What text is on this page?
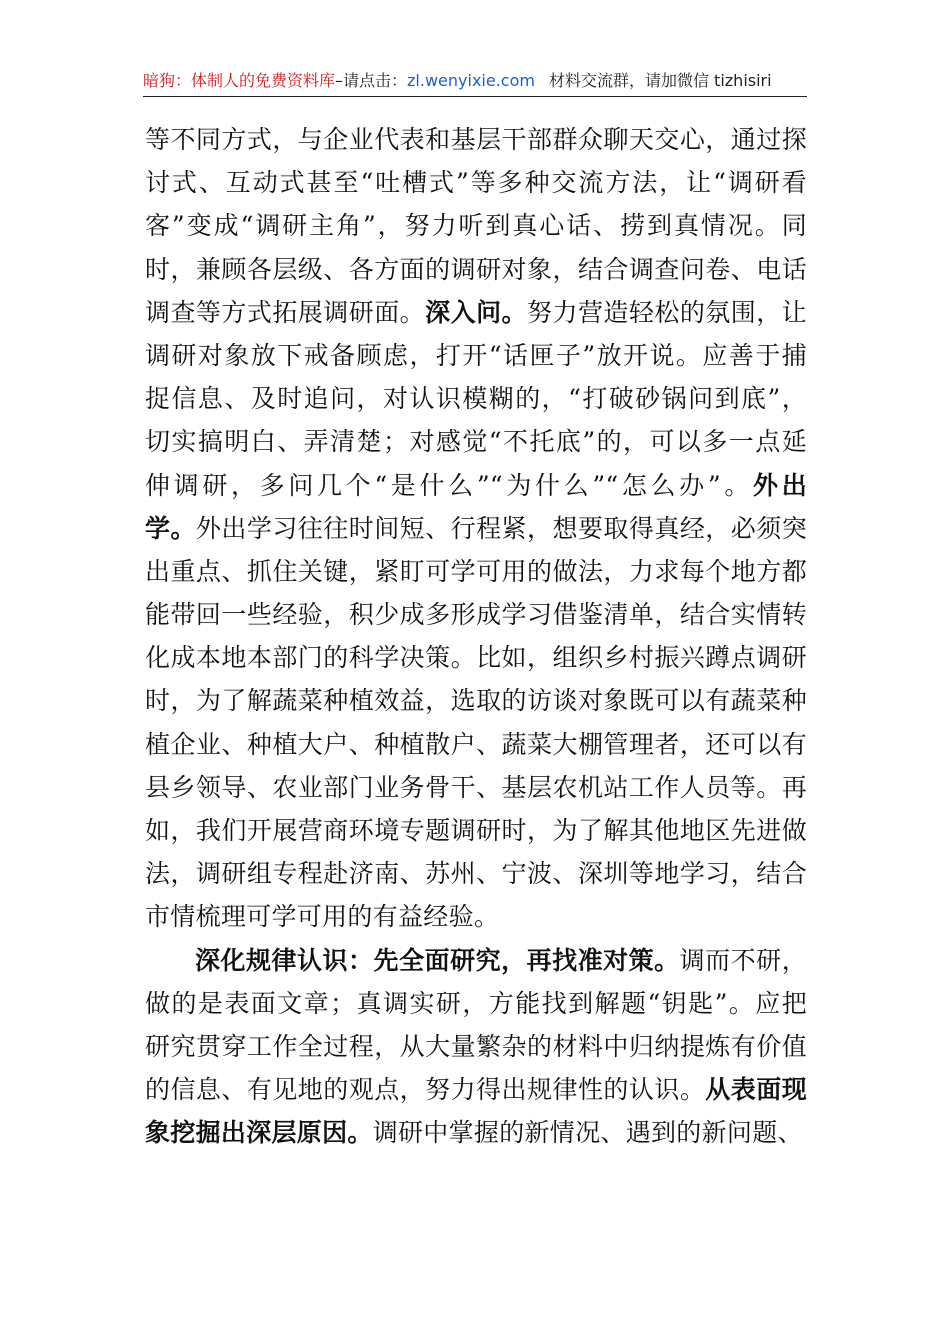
暗狗：体制人的免费资料库–请点击：zl.wenyixie.com 材料交流群，请加微信 tizhisiri
等不同方式，与企业代表和基层干部群众聊天交心，通过探
讨式、互动式甚至“吐槽式”等多种交流方法，让“调研看
客”变成“调研主角”，努力听到真心话、捞到真情况。同
时，兼顾各层级、各方面的调研对象，结合调查问卷、电话
调查等方式拓展调研面。深入问。努力营造轻松的氛围，让
调研对象放下戒备顾虑，打开“话匣子”放开说。应善于捕
捉信息、及时追问，对认识模糊的，“打破砂锅问到底”，
切实搞明白、弄清楚；对感觉“不托底”的，可以多一点延
伸调研，多问几个“是什么”“为什么”“怎么办”。外出
学。外出学习往往时间短、行程紧，想要取得真经，必须突
出重点、抓住关键，紧盯可学可用的做法，力求每个地方都
能带回一些经验，积少成多形成学习借鉴清单，结合实情转
化成本地本部门的科学决策。比如，组织乡村振兴蹲点调研
时，为了解蔬菜种植效益，选取的访谈对象既可以有蔬菜种
植企业、种植大户、种植散户、蔬菜大棚管理者，还可以有
县乡领导、农业部门业务骨干、基层农机站工作人员等。再
如，我们开展营商环境专题调研时，为了解其他地区先进做
法，调研组专程赴济南、苏州、宁波、深圳等地学习，结合
市情梳理可学可用的有益经验。
深化规律认识：先全面研究，再找准对策。调而不研，
做的是表面文章；真调实研，方能找到解题“钥匙”。应把
研究贯穿工作全过程，从大量繁杂的材料中归纳提炼有价值
的信息、有见地的观点，努力得出规律性的认识。从表面现
象挖掘出深层原因。调研中掌握的新情况、遇到的新问题、
